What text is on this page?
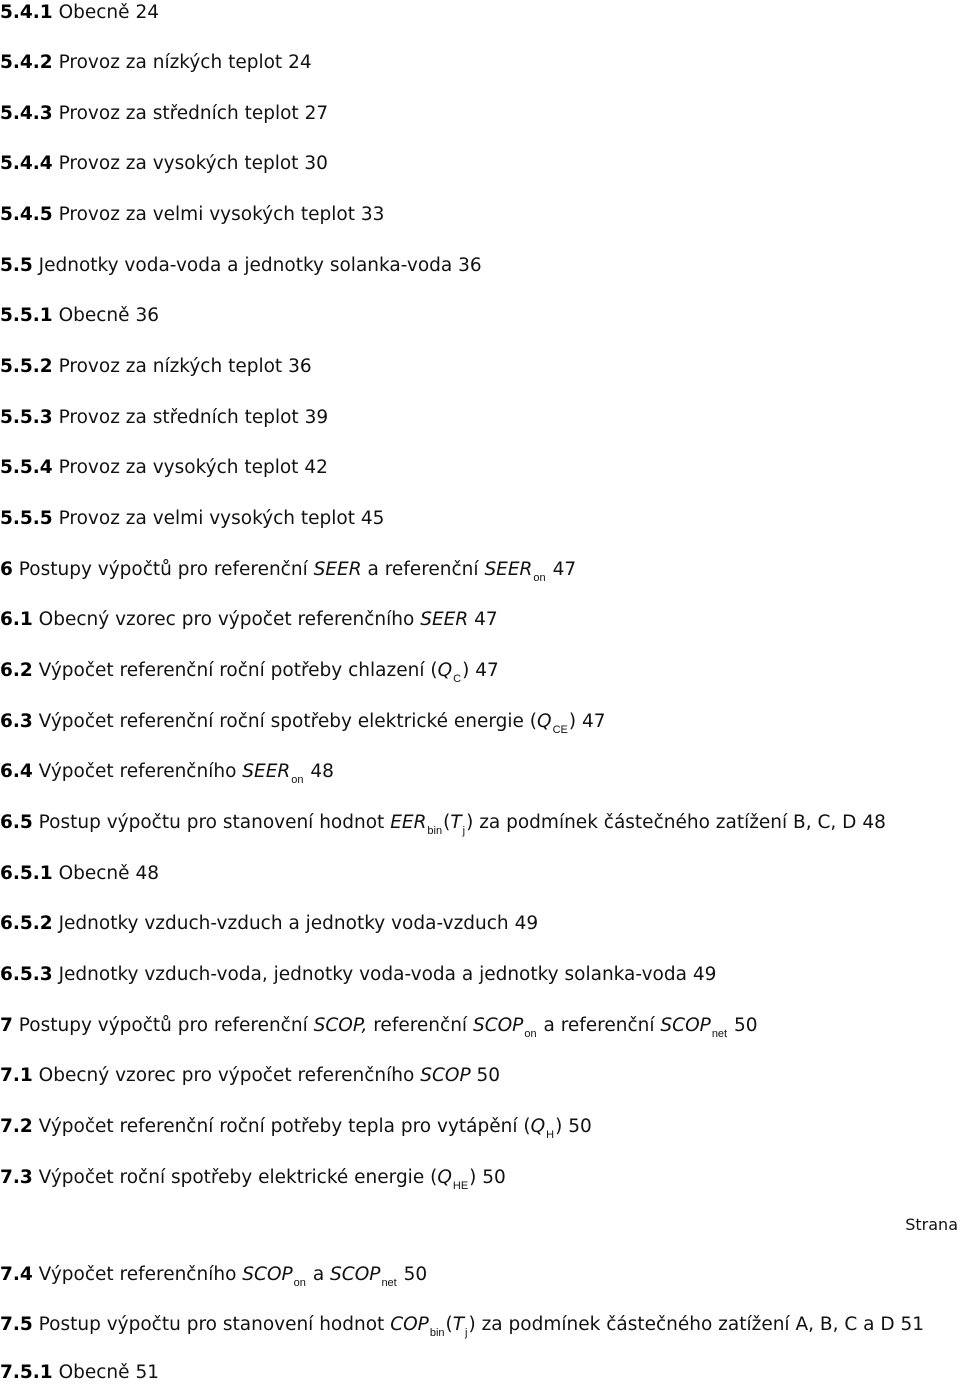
5.4.1 Obecně 24
5.4.2 Provoz za nízkých teplot 24
5.4.3 Provoz za středních teplot 27
5.4.4 Provoz za vysokých teplot 30
5.4.5 Provoz za velmi vysokých teplot 33
5.5 Jednotky voda-voda a jednotky solanka-voda 36
5.5.1 Obecně 36
5.5.2 Provoz za nízkých teplot 36
5.5.3 Provoz za středních teplot 39
5.5.4 Provoz za vysokých teplot 42
5.5.5 Provoz za velmi vysokých teplot 45
6 Postupy výpočtů pro referenční SEER a referenční $SEER_{on}$ 47
6.1 Obecný vzorec pro výpočet referenčního SEER 47
6.2 Výpočet referenční roční potřeby chlazení $(Q_C)$ 47
6.3 Výpočet referenční roční spotřeby elektrické energie $(Q_{CE})$ 47
6.4 Výpočet referenčního $SEER_{on}$ 48
6.5 Postup výpočtu pro stanovení hodnot $EER_{bin}(T_j)$ za podmínek částečného zatížení B, C, D 48
6.5.1 Obecně 48
6.5.2 Jednotky vzduch-vzduch a jednotky voda-vzduch 49
6.5.3 Jednotky vzduch-voda, jednotky voda-voda a jednotky solanka-voda 49
7 Postupy výpočtů pro referenční SCOP, referenční $SCOP_{on}$ a referenční $SCOP_{net}$ 50
7.1 Obecný vzorec pro výpočet referenčního SCOP 50
7.2 Výpočet referenční roční potřeby tepla pro vytápění $(Q_H)$ 50
7.3 Výpočet roční spotřeby elektrické energie $(Q_{HE})$ 50
7.4 Výpočet referenčního $SCOP_{on}$ a $SCOP_{net}$ 50
7.5 Postup výpočtu pro stanovení hodnot $COP_{bin}(T_j)$ za podmínek částečného zatížení A, B, C a D 51
7.5.1 Obecně 51
Strana
